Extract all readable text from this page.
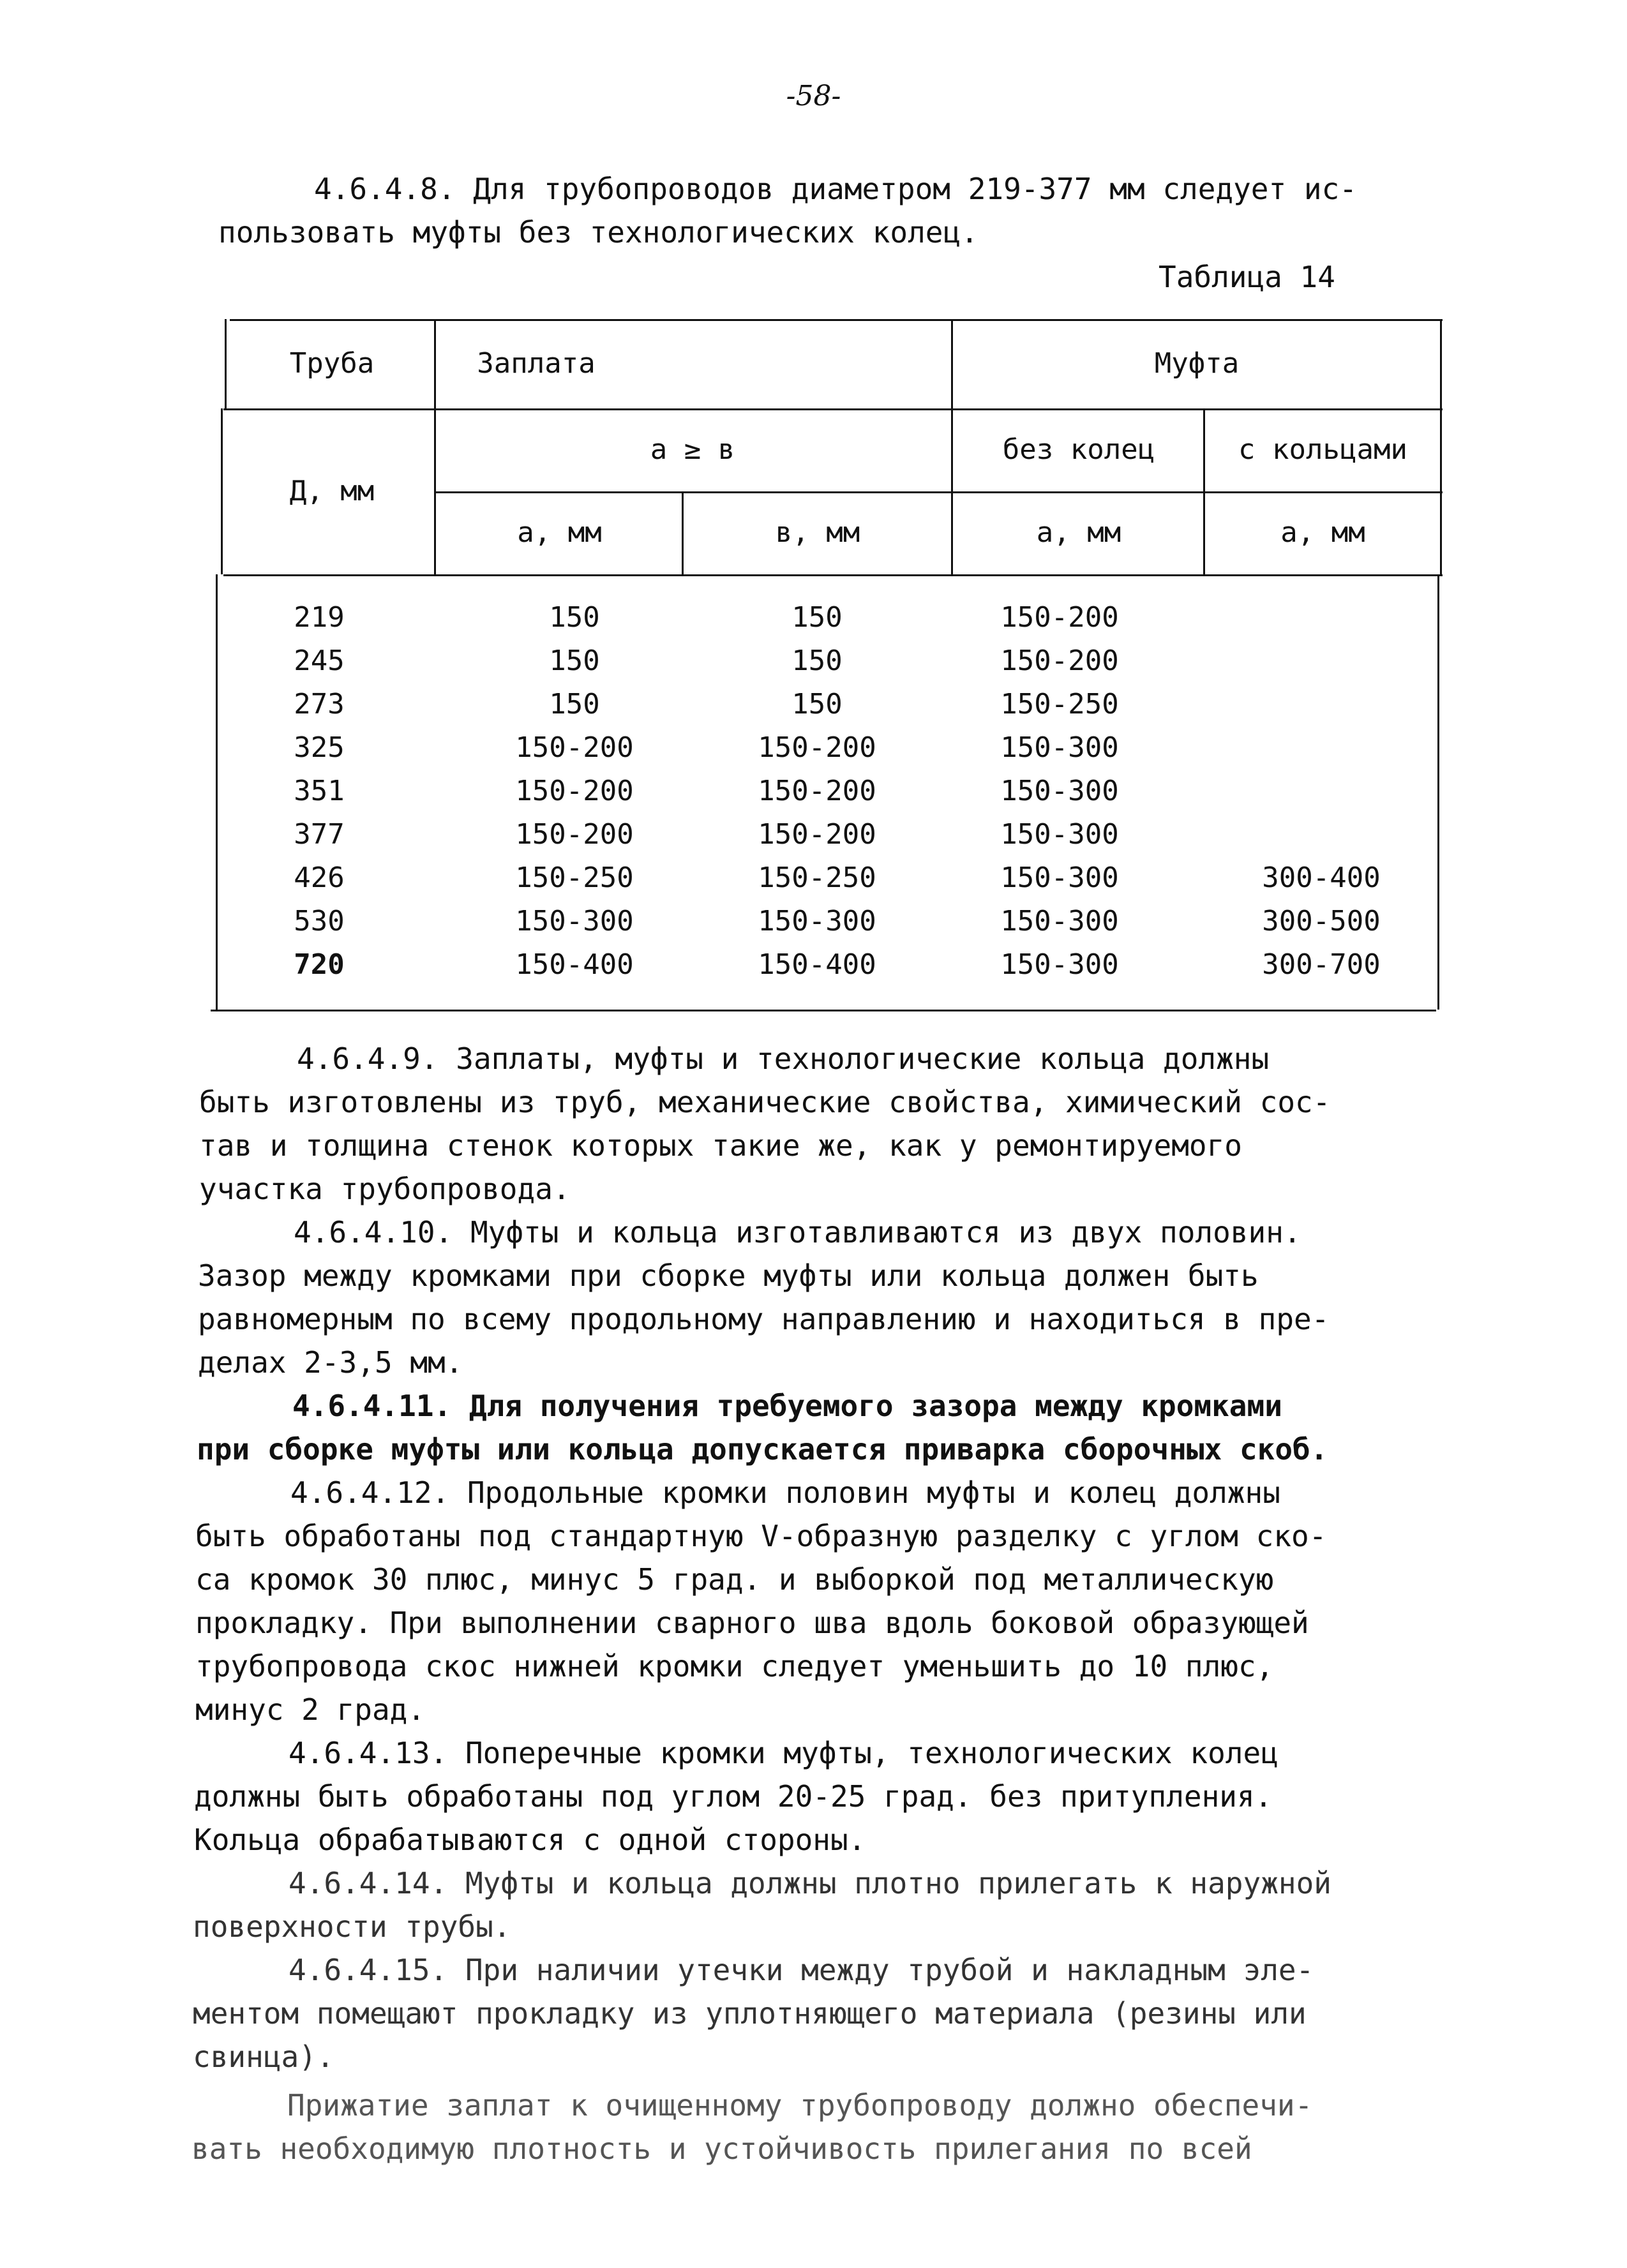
-58-
4.6.4.8. Для трубопроводов диаметром 219-377 мм следует ис-
пользовать муфты без технологических колец.
Таблица 14
Труба	Заплата	Муфта
а ≥ в	без колец	с кольцами
Д, мм
а, мм	в, мм	а, мм	а, мм
219	150	150	150-200
245	150	150	150-200
273	150	150	150-250
325	150-200	150-200	150-300
351	150-200	150-200	150-300
377	150-200	150-200	150-300
426	150-250	150-250	150-300	300-400
530	150-300	150-300	150-300	300-500
720	150-400	150-400	150-300	300-700
4.6.4.9. Заплаты, муфты и технологические кольца должны
быть изготовлены из труб, механические свойства, химический сос-
тав и толщина стенок которых такие же, как у ремонтируемого
участка трубопровода.
4.6.4.10. Муфты и кольца изготавливаются из двух половин.
Зазор между кромками при сборке муфты или кольца должен быть
равномерным по всему продольному направлению и находиться в пре-
делах 2-3,5 мм.
4.6.4.11. Для получения требуемого зазора между кромками
при сборке муфты или кольца допускается приварка сборочных скоб.
4.6.4.12. Продольные кромки половин муфты и колец должны
быть обработаны под стандартную V-образную разделку с углом ско-
са кромок 30 плюс, минус 5 град. и выборкой под металлическую
прокладку. При выполнении сварного шва вдоль боковой образующей
трубопровода скос нижней кромки следует уменьшить до 10 плюс,
минус 2 град.
4.6.4.13. Поперечные кромки муфты, технологических колец
должны быть обработаны под углом 20-25 град. без притупления.
Кольца обрабатываются с одной стороны.
4.6.4.14. Муфты и кольца должны плотно прилегать к наружной
поверхности трубы.
4.6.4.15. При наличии утечки между трубой и накладным эле-
ментом помещают прокладку из уплотняющего материала (резины или
свинца).
Прижатие заплат к очищенному трубопроводу должно обеспечи-
вать необходимую плотность и устойчивость прилегания по всей
